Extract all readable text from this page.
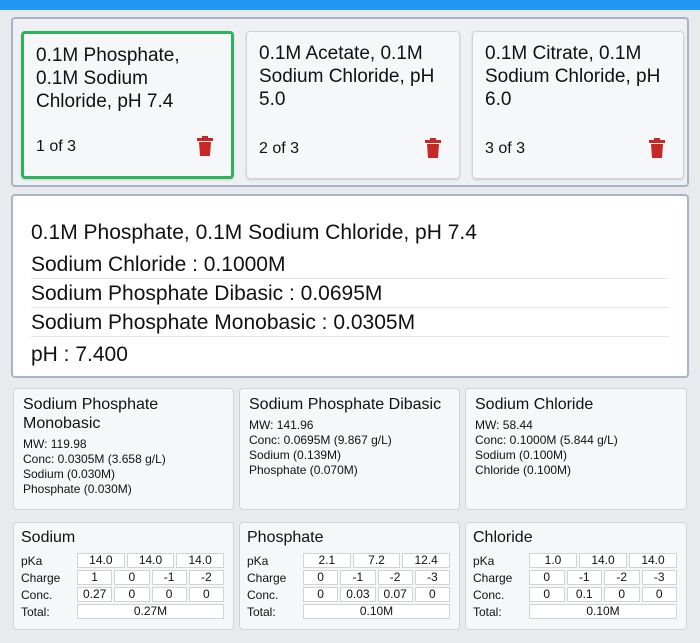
0.1M Phosphate, 0.1M Sodium Chloride, pH 7.4
1 of 3
0.1M Acetate, 0.1M Sodium Chloride, pH 5.0
2 of 3
0.1M Citrate, 0.1M Sodium Chloride, pH 6.0
3 of 3
0.1M Phosphate, 0.1M Sodium Chloride, pH 7.4
Sodium Chloride : 0.1000M
Sodium Phosphate Dibasic : 0.0695M
Sodium Phosphate Monobasic : 0.0305M
pH : 7.400
Sodium Phosphate Monobasic
MW: 119.98
Conc: 0.0305M (3.658 g/L)
Sodium (0.030M)
Phosphate (0.030M)
Sodium Phosphate Dibasic
MW: 141.96
Conc: 0.0695M (9.867 g/L)
Sodium (0.139M)
Phosphate (0.070M)
Sodium Chloride
MW: 58.44
Conc: 0.1000M (5.844 g/L)
Sodium (0.100M)
Chloride (0.100M)
Sodium
pKa	14.0	14.0	14.0
Charge	1	0	-1	-2
Conc.	0.27	0	0	0
Total:	0.27M
Phosphate
pKa	2.1	7.2	12.4
Charge	0	-1	-2	-3
Conc.	0	0.03	0.07	0
Total:	0.10M
Chloride
pKa	1.0	14.0	14.0
Charge	0	-1	-2	-3
Conc.	0	0.1	0	0
Total:	0.10M
